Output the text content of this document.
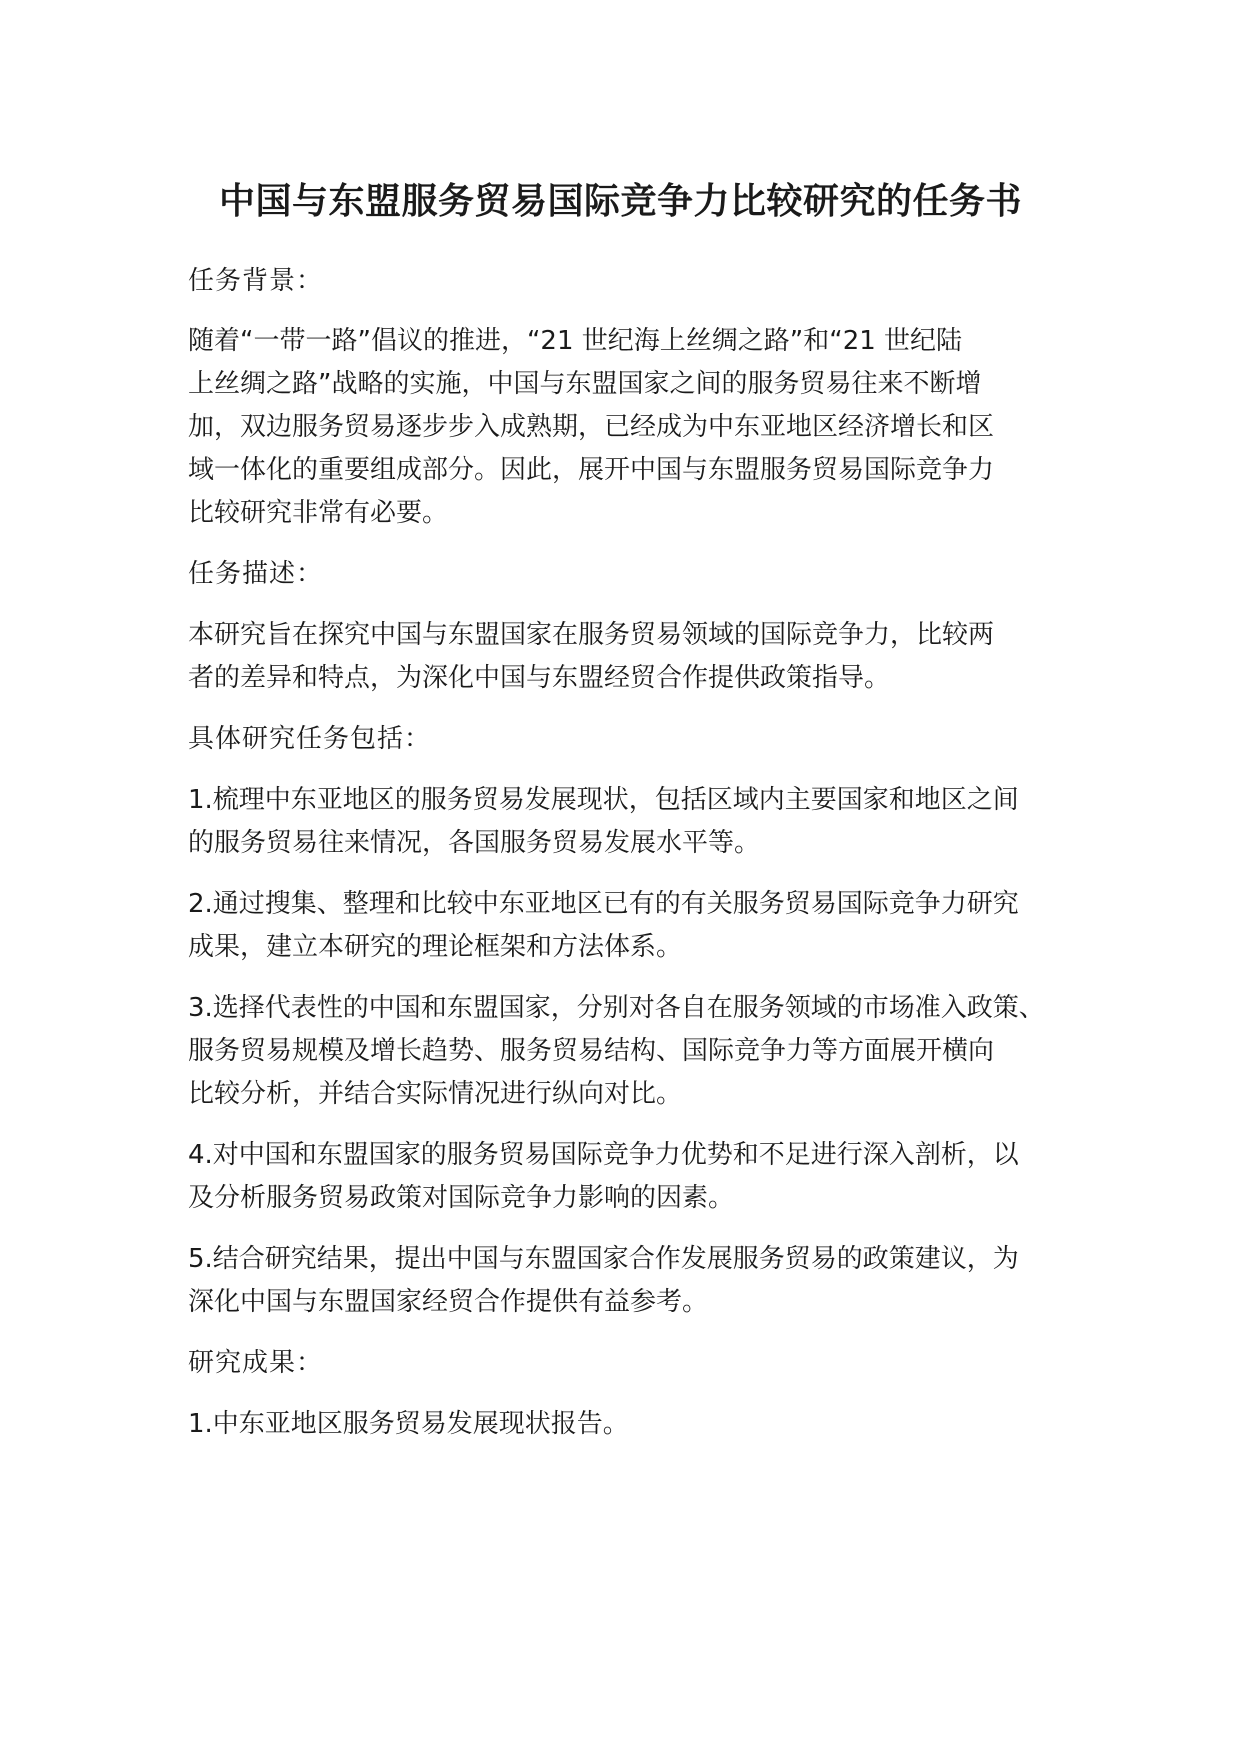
中国与东盟服务贸易国际竞争力比较研究的任务书

任务背景：

随着“一带一路”倡议的推进，“21 世纪海上丝绸之路”和“21 世纪陆

上丝绸之路”战略的实施，中国与东盟国家之间的服务贸易往来不断增

加，双边服务贸易逐步步入成熟期，已经成为中东亚地区经济增长和区

域一体化的重要组成部分。因此，展开中国与东盟服务贸易国际竞争力

比较研究非常有必要。

任务描述：

本研究旨在探究中国与东盟国家在服务贸易领域的国际竞争力，比较两

者的差异和特点，为深化中国与东盟经贸合作提供政策指导。

具体研究任务包括：

1.梳理中东亚地区的服务贸易发展现状，包括区域内主要国家和地区之间

的服务贸易往来情况，各国服务贸易发展水平等。

2.通过搜集、整理和比较中东亚地区已有的有关服务贸易国际竞争力研究

成果，建立本研究的理论框架和方法体系。

3.选择代表性的中国和东盟国家，分别对各自在服务领域的市场准入政策、

服务贸易规模及增长趋势、服务贸易结构、国际竞争力等方面展开横向

比较分析，并结合实际情况进行纵向对比。

4.对中国和东盟国家的服务贸易国际竞争力优势和不足进行深入剖析，以

及分析服务贸易政策对国际竞争力影响的因素。

5.结合研究结果，提出中国与东盟国家合作发展服务贸易的政策建议，为

深化中国与东盟国家经贸合作提供有益参考。

研究成果：

1.中东亚地区服务贸易发展现状报告。
